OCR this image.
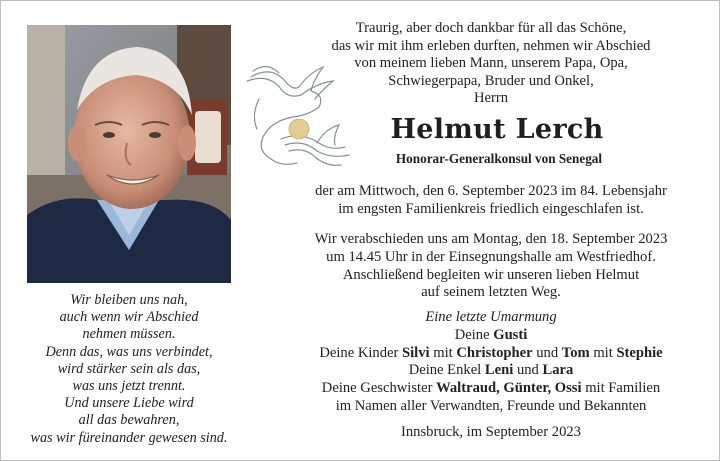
Wir bleiben uns nah,
auch wenn wir Abschied
nehmen müssen.
Denn das, was uns verbindet,
wird stärker sein als das,
was uns jetzt trennt.
Und unsere Liebe wird
all das bewahren,
was wir füreinander gewesen sind.
Traurig, aber doch dankbar für all das Schöne,
das wir mit ihm erleben durften, nehmen wir Abschied
von meinem lieben Mann, unserem Papa, Opa,
Schwiegerpapa, Bruder und Onkel,
Herrn
Helmut Lerch
Honorar-Generalkonsul von Senegal
der am Mittwoch, den 6. September 2023 im 84. Lebensjahr
im engsten Familienkreis friedlich eingeschlafen ist.
Wir verabschieden uns am Montag, den 18. September 2023
um 14.45 Uhr in der Einsegnungshalle am Westfriedhof.
Anschließend begleiten wir unseren lieben Helmut
auf seinem letzten Weg.
Eine letzte Umarmung
Deine Gusti
Deine Kinder Silvi mit Christopher und Tom mit Stephie
Deine Enkel Leni und Lara
Deine Geschwister Waltraud, Günter, Ossi mit Familien
im Namen aller Verwandten, Freunde und Bekannten
Innsbruck, im September 2023
